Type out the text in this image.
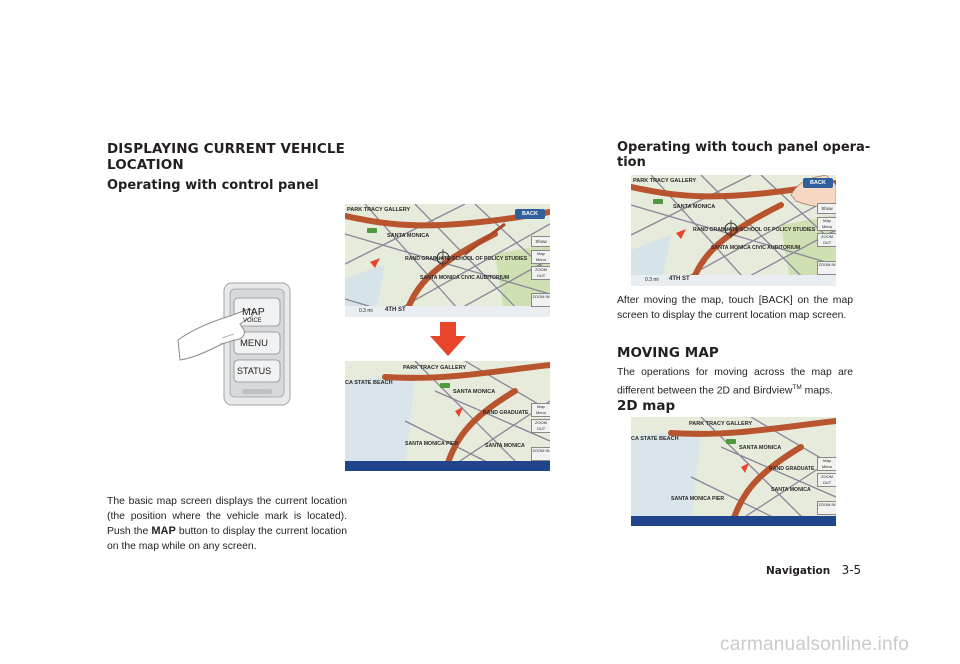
DISPLAYING CURRENT VEHICLE
LOCATION
Operating with control panel
MAP
VOICE
MENU
STATUS
PARK TRACY GALLERY
SANTA MONICA
RAND GRADUATE SCHOOL OF POLICY STUDIES
SANTA MONICA CIVIC AUDITORIUM
0.3 mi 4TH ST
BACK
Show
Map Menu
ZOOM OUT
ZOOM IN
PARK TRACY GALLERY
CA STATE BEACH
SANTA MONICA
RAND GRADUATE
SANTA MONICA PIER	SANTA MONICA
Map Menu
ZOOM OUT
ZOOM IN
The basic map screen displays the current location (the position where the vehicle mark is located). Push the MAP button to display the current location on the map while on any screen.
Operating with touch panel opera-
tion
PARK TRACY GALLERY
SANTA MONICA
RAND GRADUATE SCHOOL OF POLICY STUDIES
SANTA MONICA CIVIC AUDITORIUM
0.3 mi 4TH ST
BACK
Show
Map Menu
ZOOM OUT
ZOOM IN
After moving the map, touch [BACK] on the map screen to display the current location map screen.
MOVING MAP
The operations for moving across the map are different between the 2D and Birdview™ maps.
2D map
PARK TRACY GALLERY
CA STATE BEACH
SANTA MONICA
RAND GRADUATE
SANTA MONICA PIER
SANTA MONICA
Map Menu
ZOOM OUT
ZOOM IN
Navigation 3-5
carmanualsonline.info
